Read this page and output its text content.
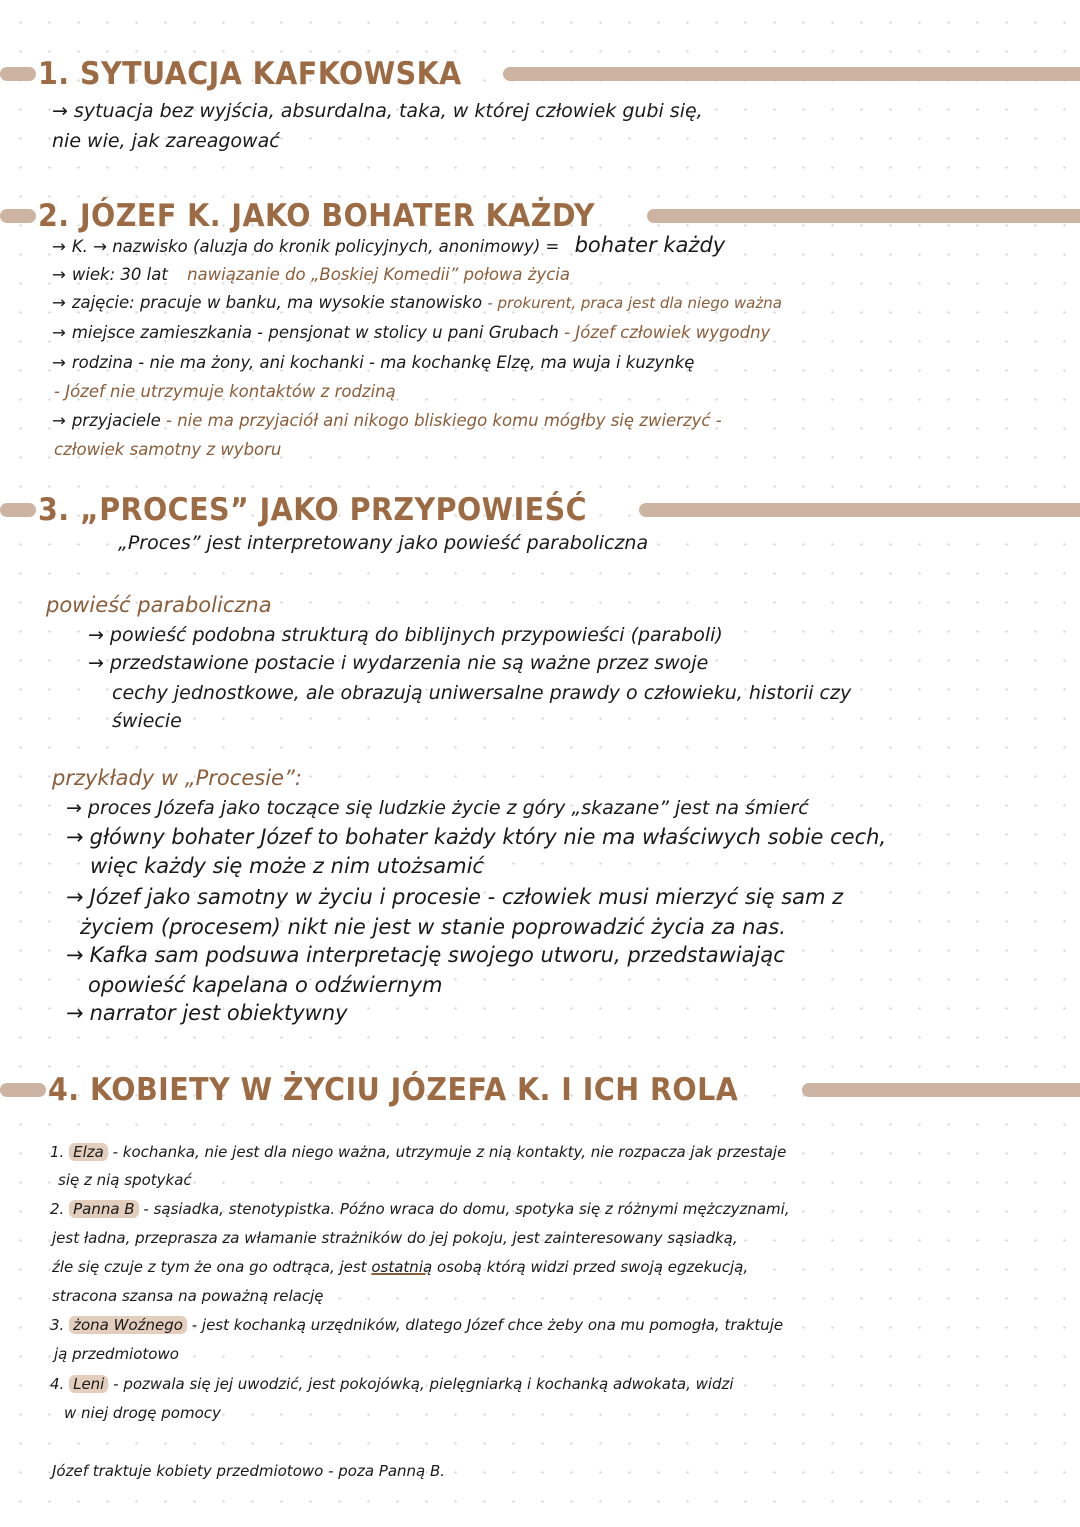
1. SYTUACJA KAFKOWSKA
→ sytuacja bez wyjścia, absurdalna, taka, w której człowiek gubi się,
nie wie, jak zareagować
2. JÓZEF K. JAKO BOHATER KAŻDY
→ K. → nazwisko (aluzja do kronik policyjnych, anonimowy) = bohater każdy
→ wiek: 30 lat nawiązanie do „Boskiej Komedii” połowa życia
→ zajęcie: pracuje w banku, ma wysokie stanowisko - prokurent, praca jest dla niego ważna
→ miejsce zamieszkania - pensjonat w stolicy u pani Grubach - Józef człowiek wygodny
→ rodzina - nie ma żony, ani kochanki - ma kochankę Elzę, ma wuja i kuzynkę
- Józef nie utrzymuje kontaktów z rodziną
→ przyjaciele - nie ma przyjaciół ani nikogo bliskiego komu mógłby się zwierzyć -
człowiek samotny z wyboru
3. „PROCES” JAKO PRZYPOWIEŚĆ
„Proces” jest interpretowany jako powieść paraboliczna
powieść paraboliczna
→ powieść podobna strukturą do biblijnych przypowieści (paraboli)
→ przedstawione postacie i wydarzenia nie są ważne przez swoje
cechy jednostkowe, ale obrazują uniwersalne prawdy o człowieku, historii czy
świecie
przykłady w „Procesie”:
→ proces Józefa jako toczące się ludzkie życie z góry „skazane” jest na śmierć
→ główny bohater Józef to bohater każdy który nie ma właściwych sobie cech,
więc każdy się może z nim utożsamić
→ Józef jako samotny w życiu i procesie - człowiek musi mierzyć się sam z
życiem (procesem) nikt nie jest w stanie poprowadzić życia za nas.
→ Kafka sam podsuwa interpretację swojego utworu, przedstawiając
opowieść kapelana o odźwiernym
→ narrator jest obiektywny
4. KOBIETY W ŻYCIU JÓZEFA K. I ICH ROLA
1. Elza - kochanka, nie jest dla niego ważna, utrzymuje z nią kontakty, nie rozpacza jak przestaje
się z nią spotykać
2. Panna B - sąsiadka, stenotypistka. Późno wraca do domu, spotyka się z różnymi mężczyznami,
jest ładna, przeprasza za włamanie strażników do jej pokoju, jest zainteresowany sąsiadką,
źle się czuje z tym że ona go odtrąca, jest ostatnią osobą którą widzi przed swoją egzekucją,
stracona szansa na poważną relację
3. żona Woźnego - jest kochanką urzędników, dlatego Józef chce żeby ona mu pomogła, traktuje
ją przedmiotowo
4. Leni - pozwala się jej uwodzić, jest pokojówką, pielęgniarką i kochanką adwokata, widzi
w niej drogę pomocy
Józef traktuje kobiety przedmiotowo - poza Panną B.
